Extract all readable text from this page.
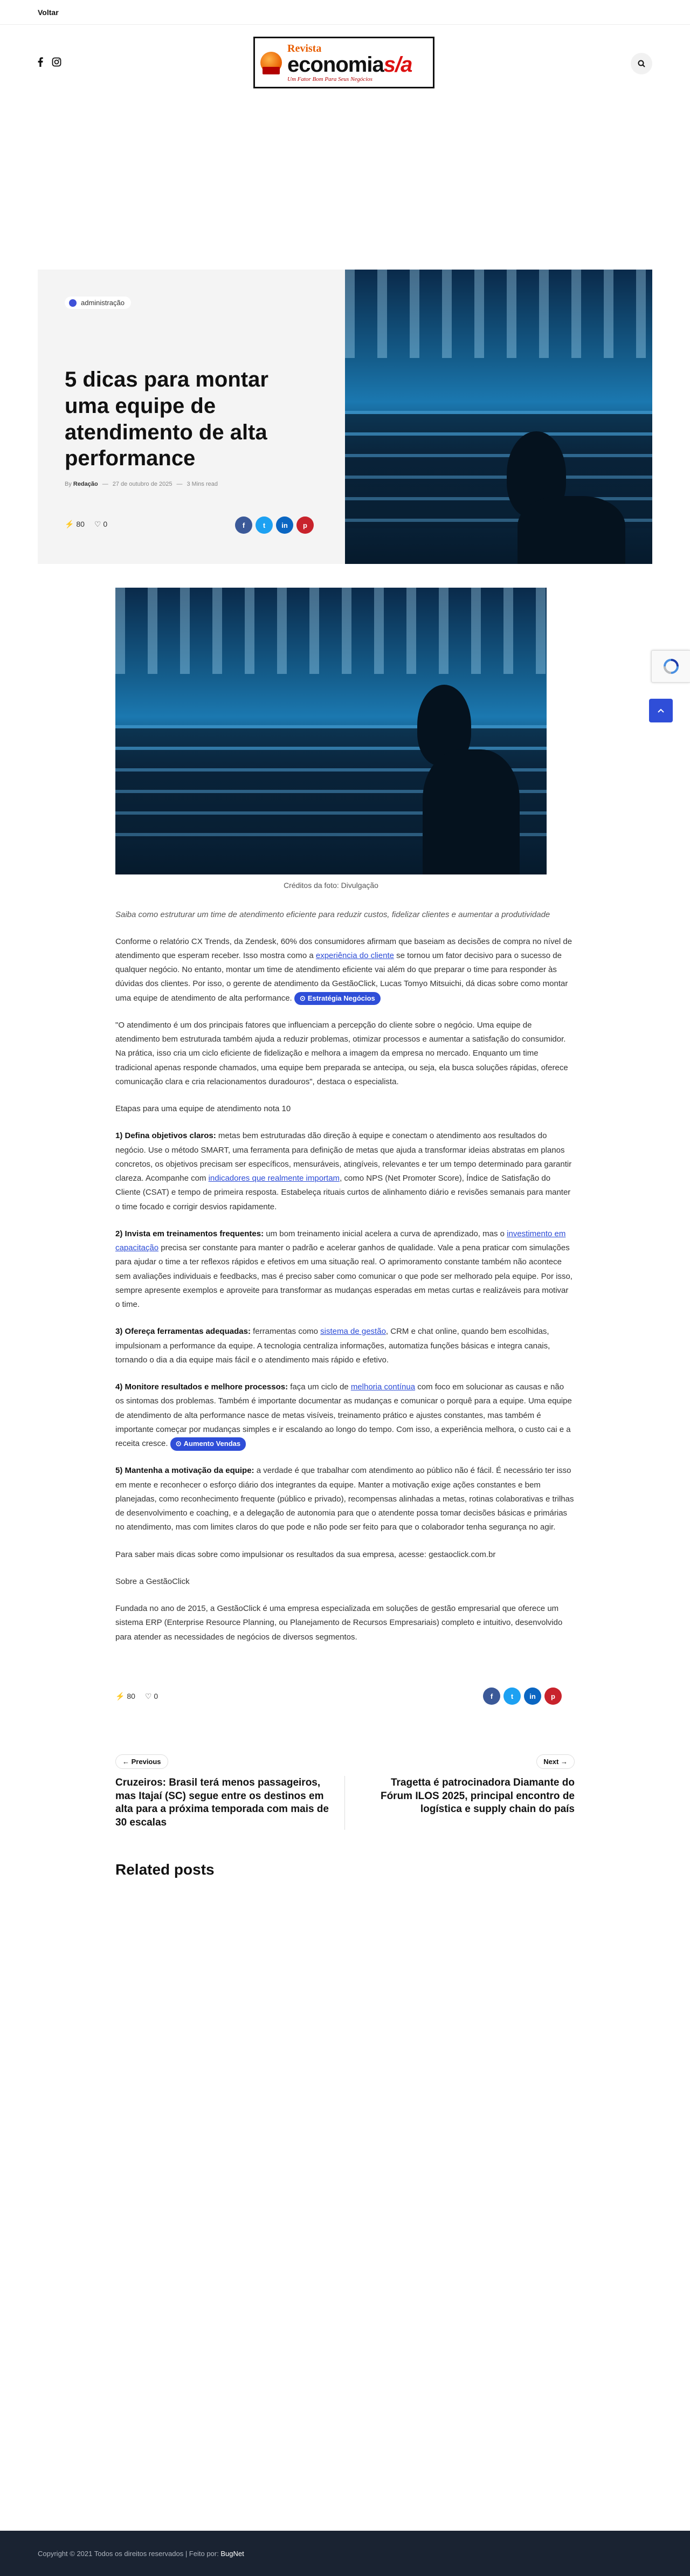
Voltar
Revista
economias/a
Um Fator Bom Para Seus Negócios
administração
5 dicas para montar uma equipe de atendimento de alta performance
By Redação — 27 de outubro de 2025 — 3 Mins read
⚡ 80 ♡ 0	f	t	in	p
Créditos da foto: Divulgação

Saiba como estruturar um time de atendimento eficiente para reduzir custos, fidelizar clientes e aumentar a produtividade

Conforme o relatório CX Trends, da Zendesk, 60% dos consumidores afirmam que baseiam as decisões de compra no nível de atendimento que esperam receber. Isso mostra como a experiência do cliente se tornou um fator decisivo para o sucesso de qualquer negócio. No entanto, montar um time de atendimento eficiente vai além do que preparar o time para responder às dúvidas dos clientes. Por isso, o gerente de atendimento da GestãoClick, Lucas Tomyo Mitsuichi, dá dicas sobre como montar uma equipe de atendimento de alta performance. ⊙ Estratégia Negócios

"O atendimento é um dos principais fatores que influenciam a percepção do cliente sobre o negócio. Uma equipe de atendimento bem estruturada também ajuda a reduzir problemas, otimizar processos e aumentar a satisfação do consumidor. Na prática, isso cria um ciclo eficiente de fidelização e melhora a imagem da empresa no mercado. Enquanto um time tradicional apenas responde chamados, uma equipe bem preparada se antecipa, ou seja, ela busca soluções rápidas, oferece comunicação clara e cria relacionamentos duradouros", destaca o especialista.

Etapas para uma equipe de atendimento nota 10

1) Defina objetivos claros: metas bem estruturadas dão direção à equipe e conectam o atendimento aos resultados do negócio. Use o método SMART, uma ferramenta para definição de metas que ajuda a transformar ideias abstratas em planos concretos, os objetivos precisam ser específicos, mensuráveis, atingíveis, relevantes e ter um tempo determinado para garantir clareza. Acompanhe com indicadores que realmente importam, como NPS (Net Promoter Score), Índice de Satisfação do Cliente (CSAT) e tempo de primeira resposta. Estabeleça rituais curtos de alinhamento diário e revisões semanais para manter o time focado e corrigir desvios rapidamente.

2) Invista em treinamentos frequentes: um bom treinamento inicial acelera a curva de aprendizado, mas o investimento em capacitação precisa ser constante para manter o padrão e acelerar ganhos de qualidade. Vale a pena praticar com simulações para ajudar o time a ter reflexos rápidos e efetivos em uma situação real. O aprimoramento constante também não acontece sem avaliações individuais e feedbacks, mas é preciso saber como comunicar o que pode ser melhorado pela equipe. Por isso, sempre apresente exemplos e aproveite para transformar as mudanças esperadas em metas curtas e realizáveis para motivar o time.

3) Ofereça ferramentas adequadas: ferramentas como sistema de gestão, CRM e chat online, quando bem escolhidas, impulsionam a performance da equipe. A tecnologia centraliza informações, automatiza funções básicas e integra canais, tornando o dia a dia equipe mais fácil e o atendimento mais rápido e efetivo.

4) Monitore resultados e melhore processos: faça um ciclo de melhoria contínua com foco em solucionar as causas e não os sintomas dos problemas. Também é importante documentar as mudanças e comunicar o porquê para a equipe. Uma equipe de atendimento de alta performance nasce de metas visíveis, treinamento prático e ajustes constantes, mas também é importante começar por mudanças simples e ir escalando ao longo do tempo. Com isso, a experiência melhora, o custo cai e a receita cresce. ⊙ Aumento Vendas

5) Mantenha a motivação da equipe: a verdade é que trabalhar com atendimento ao público não é fácil. É necessário ter isso em mente e reconhecer o esforço diário dos integrantes da equipe. Manter a motivação exige ações constantes e bem planejadas, como reconhecimento frequente (público e privado), recompensas alinhadas a metas, rotinas colaborativas e trilhas de desenvolvimento e coaching, e a delegação de autonomia para que o atendente possa tomar decisões básicas e primárias no atendimento, mas com limites claros do que pode e não pode ser feito para que o colaborador tenha segurança no agir.

Para saber mais dicas sobre como impulsionar os resultados da sua empresa, acesse: gestaoclick.com.br

Sobre a GestãoClick

Fundada no ano de 2015, a GestãoClick é uma empresa especializada em soluções de gestão empresarial que oferece um sistema ERP (Enterprise Resource Planning, ou Planejamento de Recursos Empresariais) completo e intuitivo, desenvolvido para atender as necessidades de negócios de diversos segmentos.

⚡ 80 ♡ 0	f	t	in	p
← Previous
Cruzeiros: Brasil terá menos passageiros, mas Itajaí (SC) segue entre os destinos em alta para a próxima temporada com mais de 30 escalas
Next →
Tragetta é patrocinadora Diamante do Fórum ILOS 2025, principal encontro de logística e supply chain do país
Related posts
Copyright © 2021 Todos os direitos reservados | Feito por:
BugNet
